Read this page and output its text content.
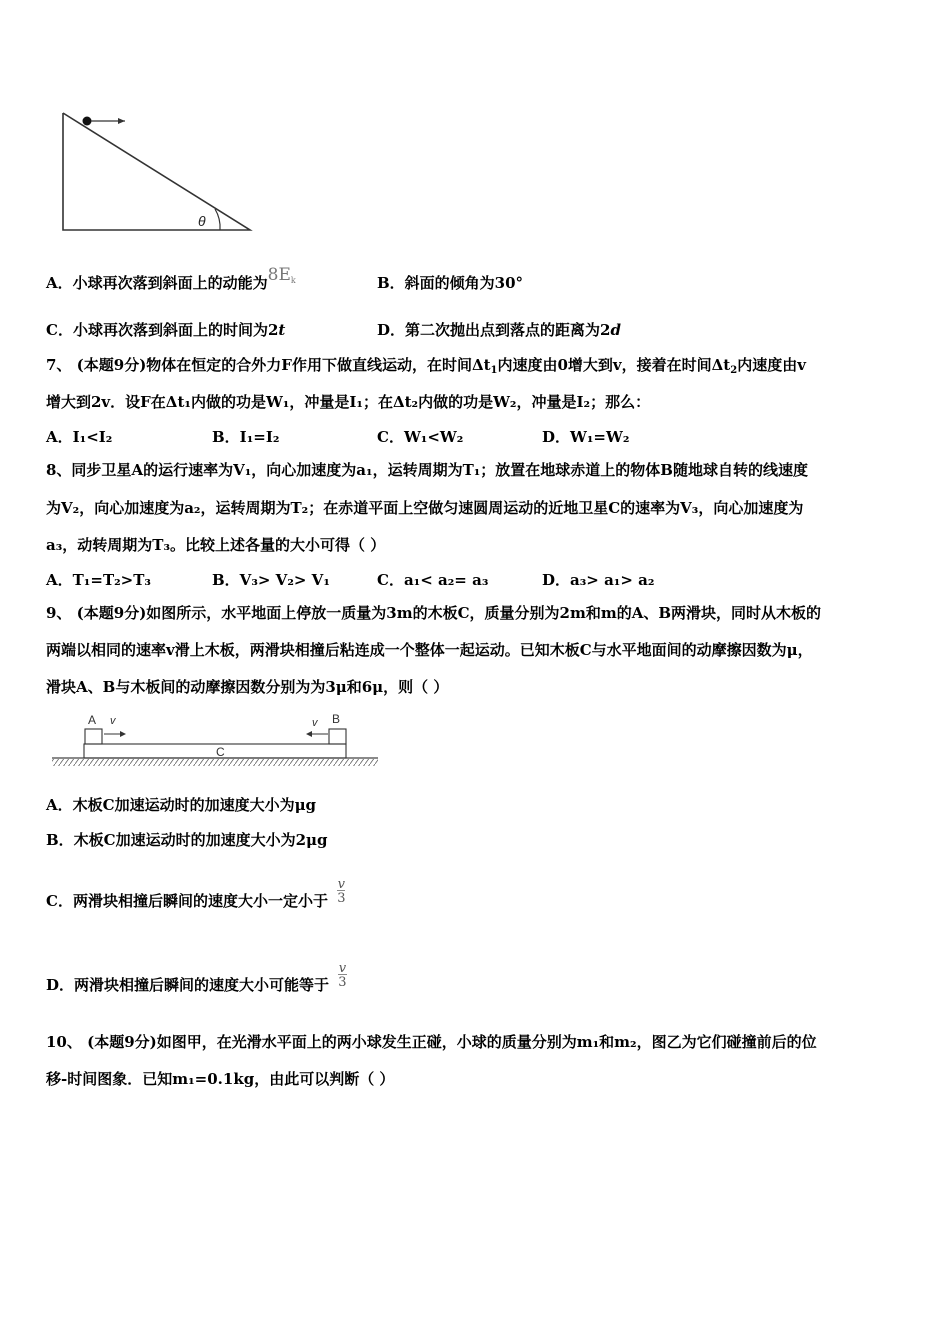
θ
A．小球再次落到斜面上的动能为$8E_k$	B．斜面的倾角为30°
C．小球再次落到斜面上的时间为2t	D．第二次抛出点到落点的距离为2d
7、 (本题9分)物体在恒定的合外力F作用下做直线运动，在时间$\Delta t_1$内速度由0增大到v，接着在时间$\Delta t_2$内速度由v
增大到2v．设F在Δt₁内做的功是W₁，冲量是I₁；在Δt₂内做的功是W₂，冲量是I₂；那么：
A．I₁<I₂	B．I₁=I₂	C．W₁<W₂	D．W₁=W₂
8、同步卫星A的运行速率为V₁，向心加速度为a₁，运转周期为T₁；放置在地球赤道上的物体B随地球自转的线速度
为V₂，向心加速度为a₂，运转周期为T₂；在赤道平面上空做匀速圆周运动的近地卫星C的速率为V₃，向心加速度为
a₃，动转周期为T₃。比较上述各量的大小可得（ ）
A．T₁=T₂>T₃	B．V₃> V₂> V₁	C．a₁< a₂= a₃	D．a₃> a₁> a₂
9、 (本题9分)如图所示，水平地面上停放一质量为3m的木板C，质量分别为2m和m的A、B两滑块，同时从木板的
两端以相同的速率v滑上木板，两滑块相撞后粘连成一个整体一起运动。已知木板C与水平地面间的动摩擦因数为μ，
滑块A、B与木板间的动摩擦因数分别为为3μ和6μ，则（ ）
C
A v	B
v
A．木板C加速运动时的加速度大小为μg
B．木板C加速运动时的加速度大小为2μg
C．两滑块相撞后瞬间的速度大小一定小于 $\frac{v}{3}$
D．两滑块相撞后瞬间的速度大小可能等于 $\frac{v}{3}$
10、 (本题9分)如图甲，在光滑水平面上的两小球发生正碰，小球的质量分别为m₁和m₂，图乙为它们碰撞前后的位
移-时间图象．已知m₁=0.1kg，由此可以判断（ ）
